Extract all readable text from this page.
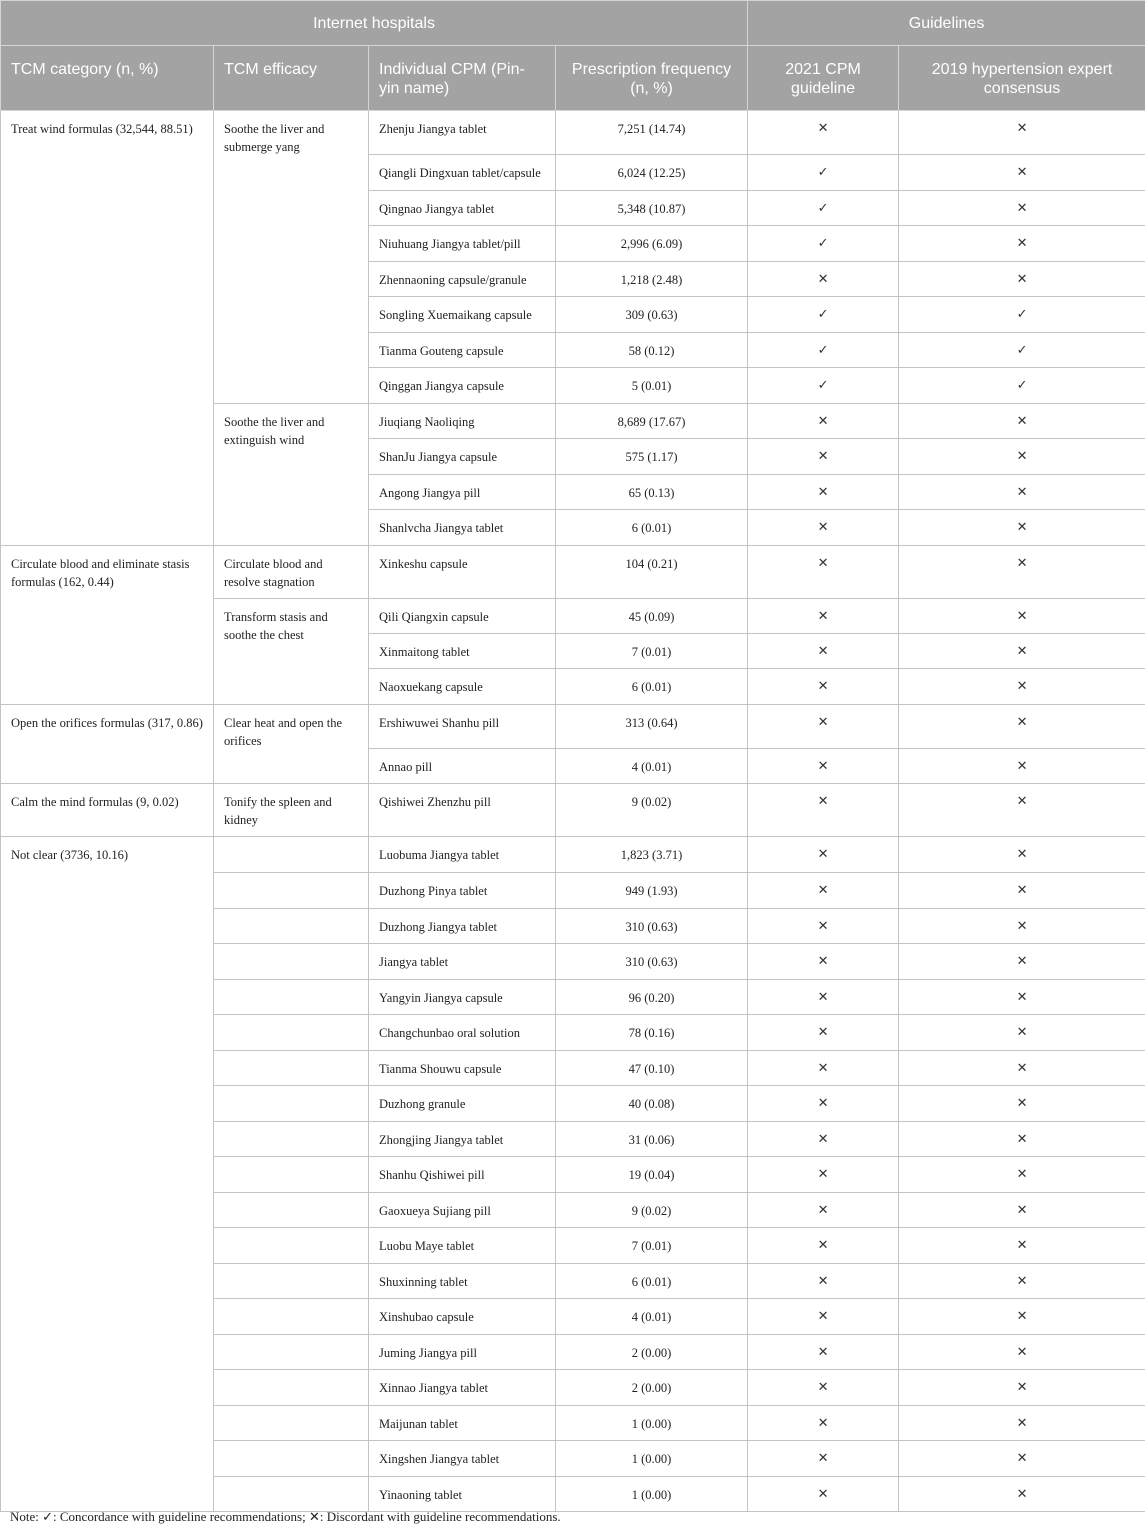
Internet hospitals				Guidelines	
TCM category (n, %)	TCM efficacy	Individual CPM (Pin-yin name)	Prescription frequency (n, %)	2021 CPM guideline	2019 hypertension expert consensus
Treat wind formulas (32,544, 88.51)	Soothe the liver and submerge yang	Zhenju Jiangya tablet	7,251 (14.74)	✕	✕
		Qiangli Dingxuan tablet/capsule	6,024 (12.25)	✓	✕
		Qingnao Jiangya tablet	5,348 (10.87)	✓	✕
		Niuhuang Jiangya tablet/pill	2,996 (6.09)	✓	✕
		Zhennaoning capsule/granule	1,218 (2.48)	✕	✕
		Songling Xuemaikang capsule	309 (0.63)	✓	✓
		Tianma Gouteng capsule	58 (0.12)	✓	✓
		Qinggan Jiangya capsule	5 (0.01)	✓	✓
	Soothe the liver and extinguish wind	Jiuqiang Naoliqing	8,689 (17.67)	✕	✕
		ShanJu Jiangya capsule	575 (1.17)	✕	✕
		Angong Jiangya pill	65 (0.13)	✕	✕
		Shanlvcha Jiangya tablet	6 (0.01)	✕	✕
Circulate blood and eliminate stasis formulas (162, 0.44)	Circulate blood and resolve stagnation	Xinkeshu capsule	104 (0.21)	✕	✕
	Transform stasis and soothe the chest	Qili Qiangxin capsule	45 (0.09)	✕	✕
		Xinmaitong tablet	7 (0.01)	✕	✕
		Naoxuekang capsule	6 (0.01)	✕	✕
Open the orifices formulas (317, 0.86)	Clear heat and open the orifices	Ershiwuwei Shanhu pill	313 (0.64)	✕	✕
		Annao pill	4 (0.01)	✕	✕
Calm the mind formulas (9, 0.02)	Tonify the spleen and kidney	Qishiwei Zhenzhu pill	9 (0.02)	✕	✕
Not clear (3736, 10.16)		Luobuma Jiangya tablet	1,823 (3.71)	✕	✕
		Duzhong Pinya tablet	949 (1.93)	✕	✕
		Duzhong Jiangya tablet	310 (0.63)	✕	✕
		Jiangya tablet	310 (0.63)	✕	✕
		Yangyin Jiangya capsule	96 (0.20)	✕	✕
		Changchunbao oral solution	78 (0.16)	✕	✕
		Tianma Shouwu capsule	47 (0.10)	✕	✕
		Duzhong granule	40 (0.08)	✕	✕
		Zhongjing Jiangya tablet	31 (0.06)	✕	✕
		Shanhu Qishiwei pill	19 (0.04)	✕	✕
		Gaoxueya Sujiang pill	9 (0.02)	✕	✕
		Luobu Maye tablet	7 (0.01)	✕	✕
		Shuxinning tablet	6 (0.01)	✕	✕
		Xinshubao capsule	4 (0.01)	✕	✕
		Juming Jiangya pill	2 (0.00)	✕	✕
		Xinnao Jiangya tablet	2 (0.00)	✕	✕
		Maijunan tablet	1 (0.00)	✕	✕
		Xingshen Jiangya tablet	1 (0.00)	✕	✕
		Yinaoning tablet	1 (0.00)	✕	✕
Note: ✓: Concordance with guideline recommendations; ✕: Discordant with guideline recommendations.
